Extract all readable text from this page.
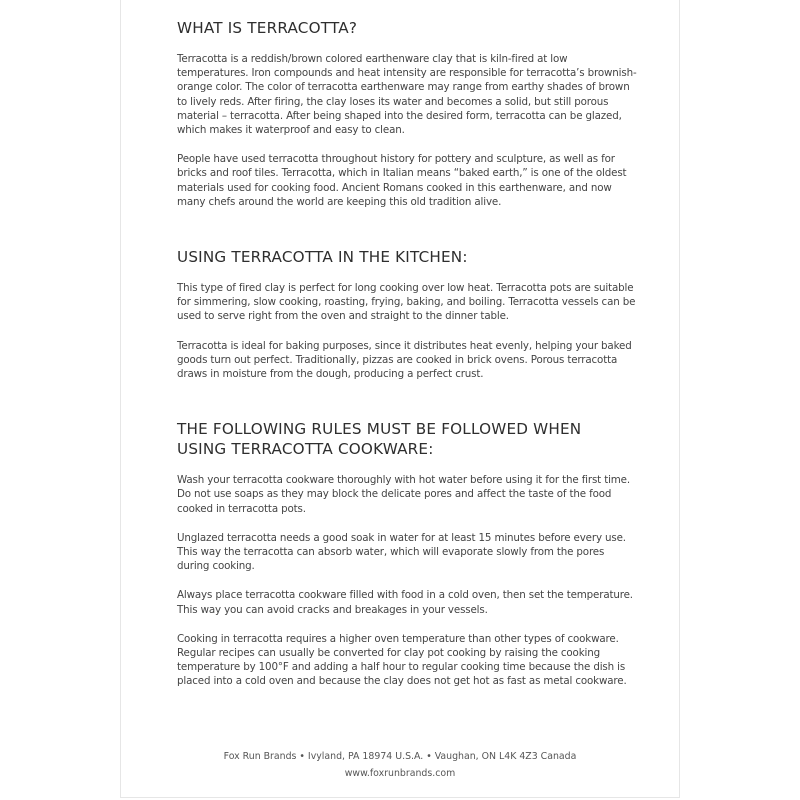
WHAT IS TERRACOTTA?

Terracotta is a reddish/brown colored earthenware clay that is kiln-fired at low temperatures. Iron compounds and heat intensity are responsible for terracotta’s brownish-orange color. The color of terracotta earthenware may range from earthy shades of brown to lively reds. After firing, the clay loses its water and becomes a solid, but still porous material – terracotta. After being shaped into the desired form, terracotta can be glazed, which makes it waterproof and easy to clean.

People have used terracotta throughout history for pottery and sculpture, as well as for bricks and roof tiles. Terracotta, which in Italian means “baked earth,” is one of the oldest materials used for cooking food. Ancient Romans cooked in this earthenware, and now many chefs around the world are keeping this old tradition alive.

USING TERRACOTTA IN THE KITCHEN:

This type of fired clay is perfect for long cooking over low heat. Terracotta pots are suitable for simmering, slow cooking, roasting, frying, baking, and boiling. Terracotta vessels can be used to serve right from the oven and straight to the dinner table.

Terracotta is ideal for baking purposes, since it distributes heat evenly, helping your baked goods turn out perfect. Traditionally, pizzas are cooked in brick ovens. Porous terracotta draws in moisture from the dough, producing a perfect crust.

THE FOLLOWING RULES MUST BE FOLLOWED WHEN
USING TERRACOTTA COOKWARE:

Wash your terracotta cookware thoroughly with hot water before using it for the first time. Do not use soaps as they may block the delicate pores and affect the taste of the food cooked in terracotta pots.

Unglazed terracotta needs a good soak in water for at least 15 minutes before every use. This way the terracotta can absorb water, which will evaporate slowly from the pores during cooking.

Always place terracotta cookware filled with food in a cold oven, then set the temperature. This way you can avoid cracks and breakages in your vessels.

Cooking in terracotta requires a higher oven temperature than other types of cookware. Regular recipes can usually be converted for clay pot cooking by raising the cooking temperature by 100°F and adding a half hour to regular cooking time because the dish is placed into a cold oven and because the clay does not get hot as fast as metal cookware.

Fox Run Brands • Ivyland, PA 18974 U.S.A. • Vaughan, ON L4K 4Z3 Canada
www.foxrunbrands.com
